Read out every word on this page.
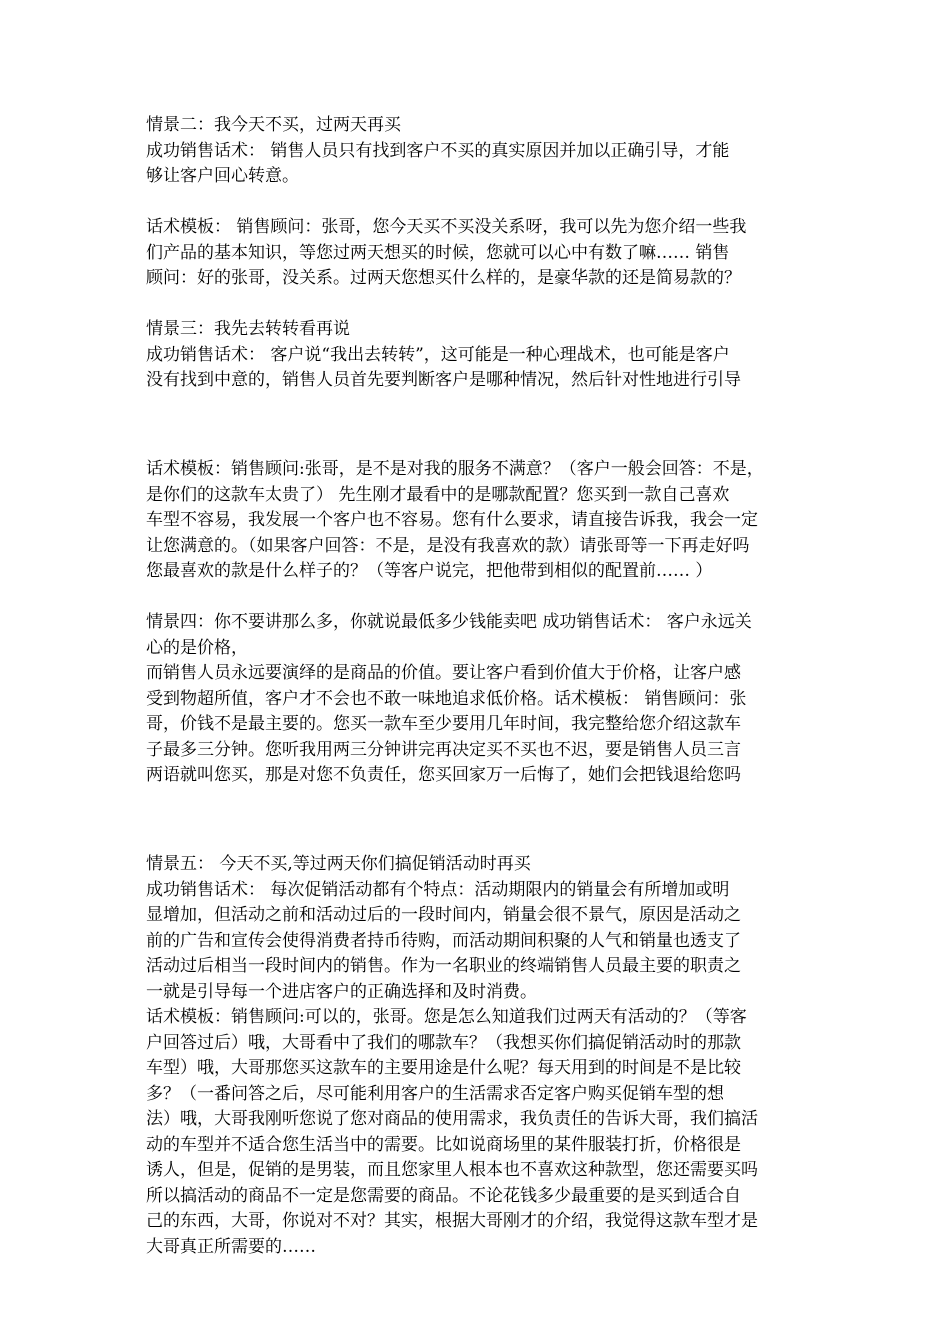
情景二：我今天不买，过两天再买
成功销售话术： 销售人员只有找到客户不买的真实原因并加以正确引导，才能
够让客户回心转意。
话术模板： 销售顾问：张哥，您今天买不买没关系呀，我可以先为您介绍一些我
们产品的基本知识，等您过两天想买的时候，您就可以心中有数了嘛…… 销售
顾问：好的张哥，没关系。过两天您想买什么样的，是豪华款的还是简易款的？
情景三：我先去转转看再说
成功销售话术： 客户说“我出去转转”，这可能是一种心理战术，也可能是客户
没有找到中意的，销售人员首先要判断客户是哪种情况，然后针对性地进行引导
话术模板：销售顾问:张哥，是不是对我的服务不满意？（客户一般会回答：不是，
是你们的这款车太贵了） 先生刚才最看中的是哪款配置？您买到一款自己喜欢
车型不容易，我发展一个客户也不容易。您有什么要求，请直接告诉我，我会一定
让您满意的。（如果客户回答：不是，是没有我喜欢的款）请张哥等一下再走好吗
您最喜欢的款是什么样子的？（等客户说完，把他带到相似的配置前…… ）
情景四：你不要讲那么多，你就说最低多少钱能卖吧 成功销售话术： 客户永远关
心的是价格，
而销售人员永远要演绎的是商品的价值。要让客户看到价值大于价格，让客户感
受到物超所值，客户才不会也不敢一味地追求低价格。话术模板： 销售顾问：张
哥，价钱不是最主要的。您买一款车至少要用几年时间，我完整给您介绍这款车
子最多三分钟。您听我用两三分钟讲完再决定买不买也不迟，要是销售人员三言
两语就叫您买，那是对您不负责任，您买回家万一后悔了，她们会把钱退给您吗
情景五： 今天不买,等过两天你们搞促销活动时再买
成功销售话术： 每次促销活动都有个特点：活动期限内的销量会有所增加或明
显增加，但活动之前和活动过后的一段时间内，销量会很不景气，原因是活动之
前的广告和宣传会使得消费者持币待购，而活动期间积聚的人气和销量也透支了
活动过后相当一段时间内的销售。作为一名职业的终端销售人员最主要的职责之
一就是引导每一个进店客户的正确选择和及时消费。
话术模板：销售顾问:可以的，张哥。您是怎么知道我们过两天有活动的？（等客
户回答过后）哦，大哥看中了我们的哪款车？（我想买你们搞促销活动时的那款
车型）哦，大哥那您买这款车的主要用途是什么呢？每天用到的时间是不是比较
多？（一番问答之后，尽可能利用客户的生活需求否定客户购买促销车型的想
法）哦，大哥我刚听您说了您对商品的使用需求，我负责任的告诉大哥，我们搞活
动的车型并不适合您生活当中的需要。比如说商场里的某件服装打折，价格很是
诱人，但是，促销的是男装，而且您家里人根本也不喜欢这种款型，您还需要买吗
所以搞活动的商品不一定是您需要的商品。不论花钱多少最重要的是买到适合自
己的东西，大哥，你说对不对？其实，根据大哥刚才的介绍，我觉得这款车型才是
大哥真正所需要的……
